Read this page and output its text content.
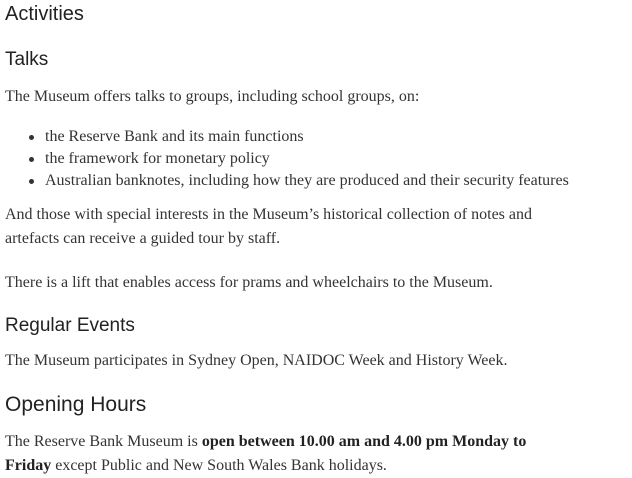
Activities
Talks

The Museum offers talks to groups, including school groups, on:

the Reserve Bank and its main functions
the framework for monetary policy
Australian banknotes, including how they are produced and their security features

And those with special interests in the Museum’s historical collection of notes and
artefacts can receive a guided tour by staff.

There is a lift that enables access for prams and wheelchairs to the Museum.

Regular Events

The Museum participates in Sydney Open, NAIDOC Week and History Week.

Opening Hours

The Reserve Bank Museum is open between 10.00 am and 4.00 pm Monday to
Friday except Public and New South Wales Bank holidays.
